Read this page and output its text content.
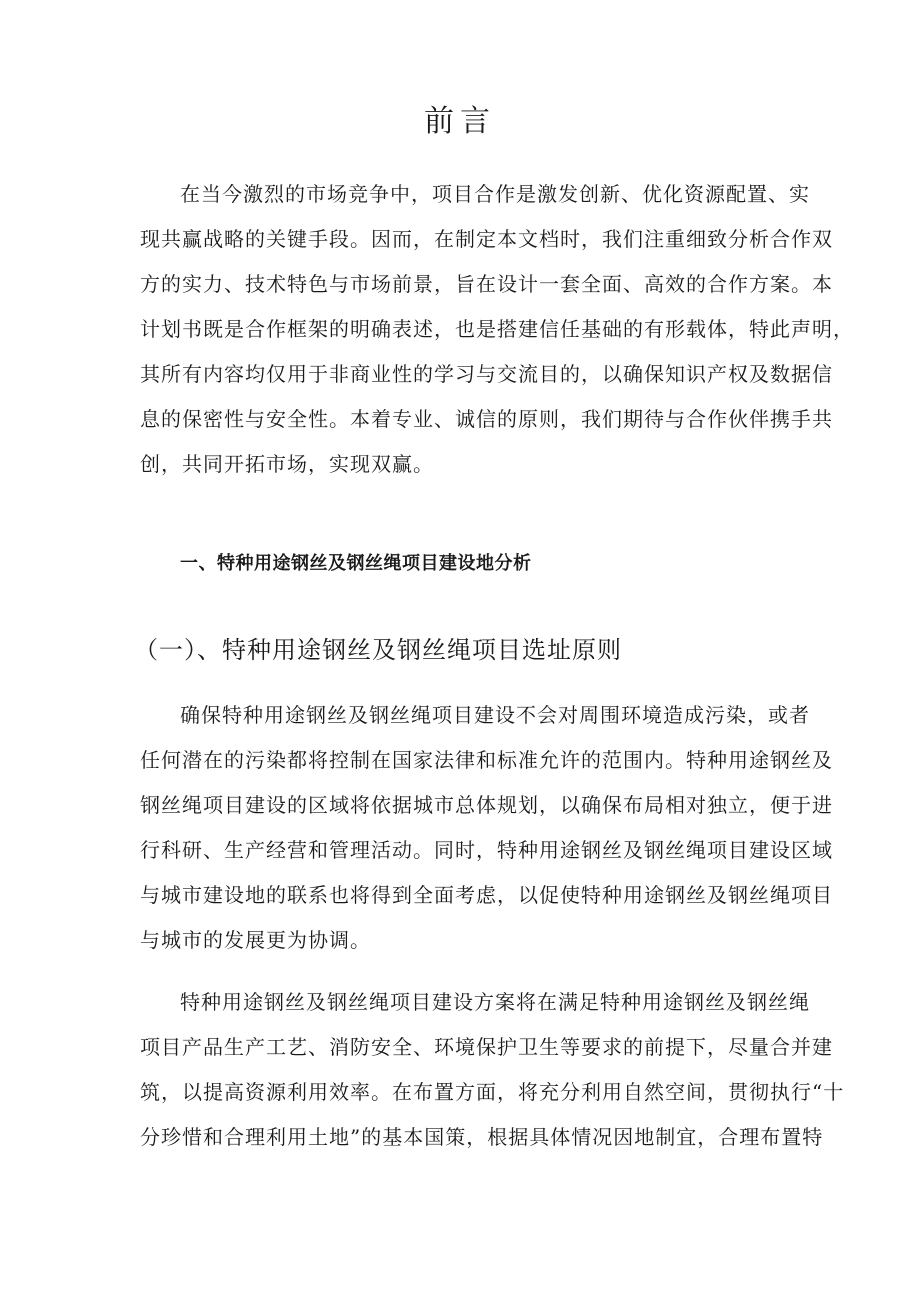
前言
在当今激烈的市场竞争中，项目合作是激发创新、优化资源配置、实
现共赢战略的关键手段。因而，在制定本文档时，我们注重细致分析合作双
方的实力、技术特色与市场前景，旨在设计一套全面、高效的合作方案。本
计划书既是合作框架的明确表述，也是搭建信任基础的有形载体，特此声明，
其所有内容均仅用于非商业性的学习与交流目的，以确保知识产权及数据信
息的保密性与安全性。本着专业、诚信的原则，我们期待与合作伙伴携手共
创，共同开拓市场，实现双赢。
一、特种用途钢丝及钢丝绳项目建设地分析
（一）、特种用途钢丝及钢丝绳项目选址原则
确保特种用途钢丝及钢丝绳项目建设不会对周围环境造成污染，或者
任何潜在的污染都将控制在国家法律和标准允许的范围内。特种用途钢丝及
钢丝绳项目建设的区域将依据城市总体规划，以确保布局相对独立，便于进
行科研、生产经营和管理活动。同时，特种用途钢丝及钢丝绳项目建设区域
与城市建设地的联系也将得到全面考虑，以促使特种用途钢丝及钢丝绳项目
与城市的发展更为协调。
特种用途钢丝及钢丝绳项目建设方案将在满足特种用途钢丝及钢丝绳
项目产品生产工艺、消防安全、环境保护卫生等要求的前提下，尽量合并建
筑，以提高资源利用效率。在布置方面，将充分利用自然空间，贯彻执行“十
分珍惜和合理利用土地”的基本国策，根据具体情况因地制宜，合理布置特
